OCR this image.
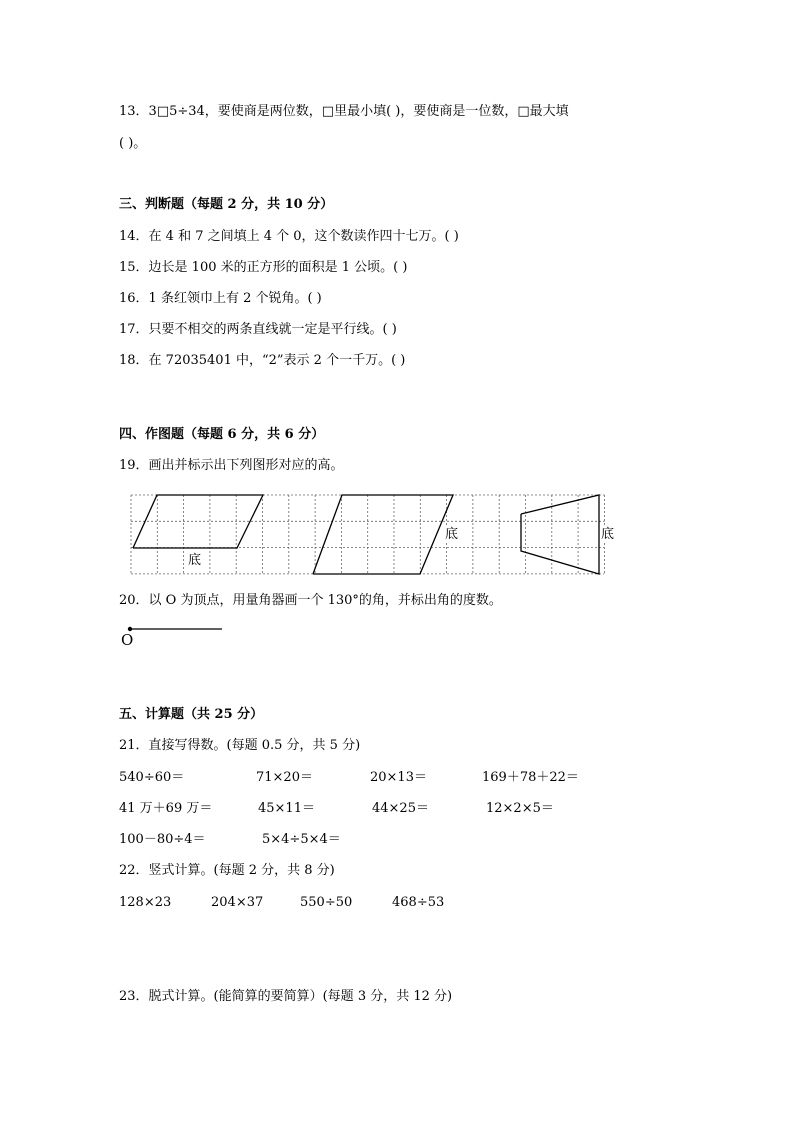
13．3□5÷34，要使商是两位数，□里最小填( )，要使商是一位数，□最大填
( )。
三、判断题（每题 2 分，共 10 分）
14．在 4 和 7 之间填上 4 个 0，这个数读作四十七万。( )
15．边长是 100 米的正方形的面积是 1 公顷。( )
16．1 条红领巾上有 2 个锐角。( )
17．只要不相交的两条直线就一定是平行线。( )
18．在 72035401 中，“2”表示 2 个一千万。( )
四、作图题（每题 6 分，共 6 分）
19．画出并标示出下列图形对应的高。
底
底	底
20．以 O 为顶点，用量角器画一个 130°的角，并标出角的度数。
O
五、计算题（共 25 分）
21．直接写得数。(每题 0.5 分，共 5 分)
540÷60＝	71×20＝	20×13＝	169＋78＋22＝
41 万＋69 万＝	45×11＝	44×25＝	12×2×5＝
100－80÷4＝	5×4÷5×4＝
22．竖式计算。(每题 2 分，共 8 分)
128×23	204×37	550÷50	468÷53
23．脱式计算。(能简算的要简算）(每题 3 分，共 12 分)
